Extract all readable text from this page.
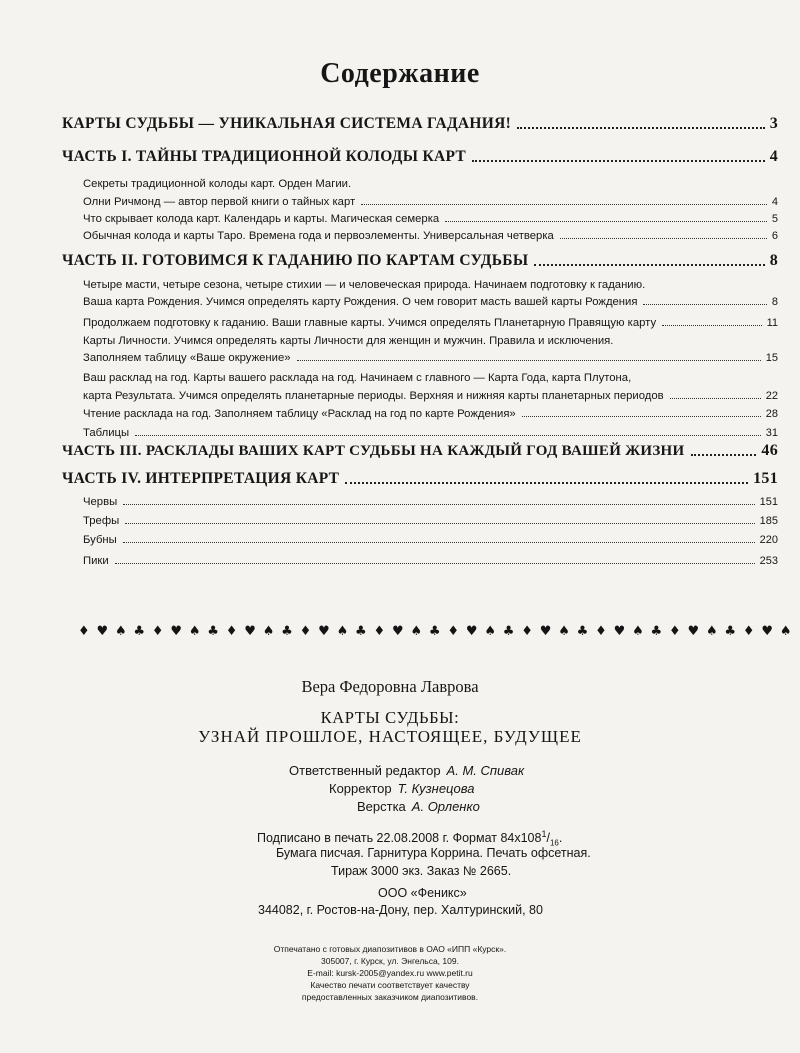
Содержание
КАРТЫ СУДЬБЫ — УНИКАЛЬНАЯ СИСТЕМА ГАДАНИЯ!	3
ЧАСТЬ I. ТАЙНЫ ТРАДИЦИОННОЙ КОЛОДЫ КАРТ	4
Секреты традиционной колоды карт. Орден Магии.
Олни Ричмонд — автор первой книги о тайных карт	4
Что скрывает колода карт. Календарь и карты. Магическая семерка	5
Обычная колода и карты Таро. Времена года и первоэлементы. Универсальная четверка	6
ЧАСТЬ II. ГОТОВИМСЯ К ГАДАНИЮ ПО КАРТАМ СУДЬБЫ	8
Четыре масти, четыре сезона, четыре стихии — и человеческая природа. Начинаем подготовку к гаданию.
Ваша карта Рождения. Учимся определять карту Рождения. О чем говорит масть вашей карты Рождения	8
Продолжаем подготовку к гаданию. Ваши главные карты. Учимся определять Планетарную Правящую карту	11
Карты Личности. Учимся определять карты Личности для женщин и мужчин. Правила и исключения.
Заполняем таблицу «Ваше окружение»	15
Ваш расклад на год. Карты вашего расклада на год. Начинаем с главного — Карта Года, карта Плутона,
карта Результата. Учимся определять планетарные периоды. Верхняя и нижняя карты планетарных периодов	22
Чтение расклада на год. Заполняем таблицу «Расклад на год по карте Рождения»	28
Таблицы	31
ЧАСТЬ III. РАСКЛАДЫ ВАШИХ КАРТ СУДЬБЫ НА КАЖДЫЙ ГОД ВАШЕЙ ЖИЗНИ	46
ЧАСТЬ IV. ИНТЕРПРЕТАЦИЯ КАРТ	151
Червы	151
Трефы	185
Бубны	220
Пики	253
♦ ♥ ♠ ♣ ♦ ♥ ♠ ♣ ♦ ♥ ♠ ♣ ♦ ♥ ♠ ♣ ♦ ♥ ♠ ♣ ♦ ♥ ♠ ♣ ♦ ♥ ♠ ♣ ♦ ♥ ♠ ♣ ♦ ♥ ♠ ♣ ♦ ♥ ♠
Вера Федоровна Лаврова
КАРТЫ СУДЬБЫ:
УЗНАЙ ПРОШЛОЕ, НАСТОЯЩЕЕ, БУДУЩЕЕ
Ответственный редактор А. М. Спивак
Корректор Т. Кузнецова
Верстка А. Орленко
Подписано в печать 22.08.2008 г. Формат $84x108^1/_{16}$.
Бумага писчая. Гарнитура Коррина. Печать офсетная.
Тираж 3000 экз. Заказ № 2665.
ООО «Феникс»
344082, г. Ростов-на-Дону, пер. Халтуринский, 80
Отпечатано с готовых диапозитивов в ОАО «ИПП «Курск».
305007, г. Курск, ул. Энгельса, 109.
E-mail: kursk-2005@yandex.ru www.petit.ru
Качество печати соответствует качеству
предоставленных заказчиком диапозитивов.
